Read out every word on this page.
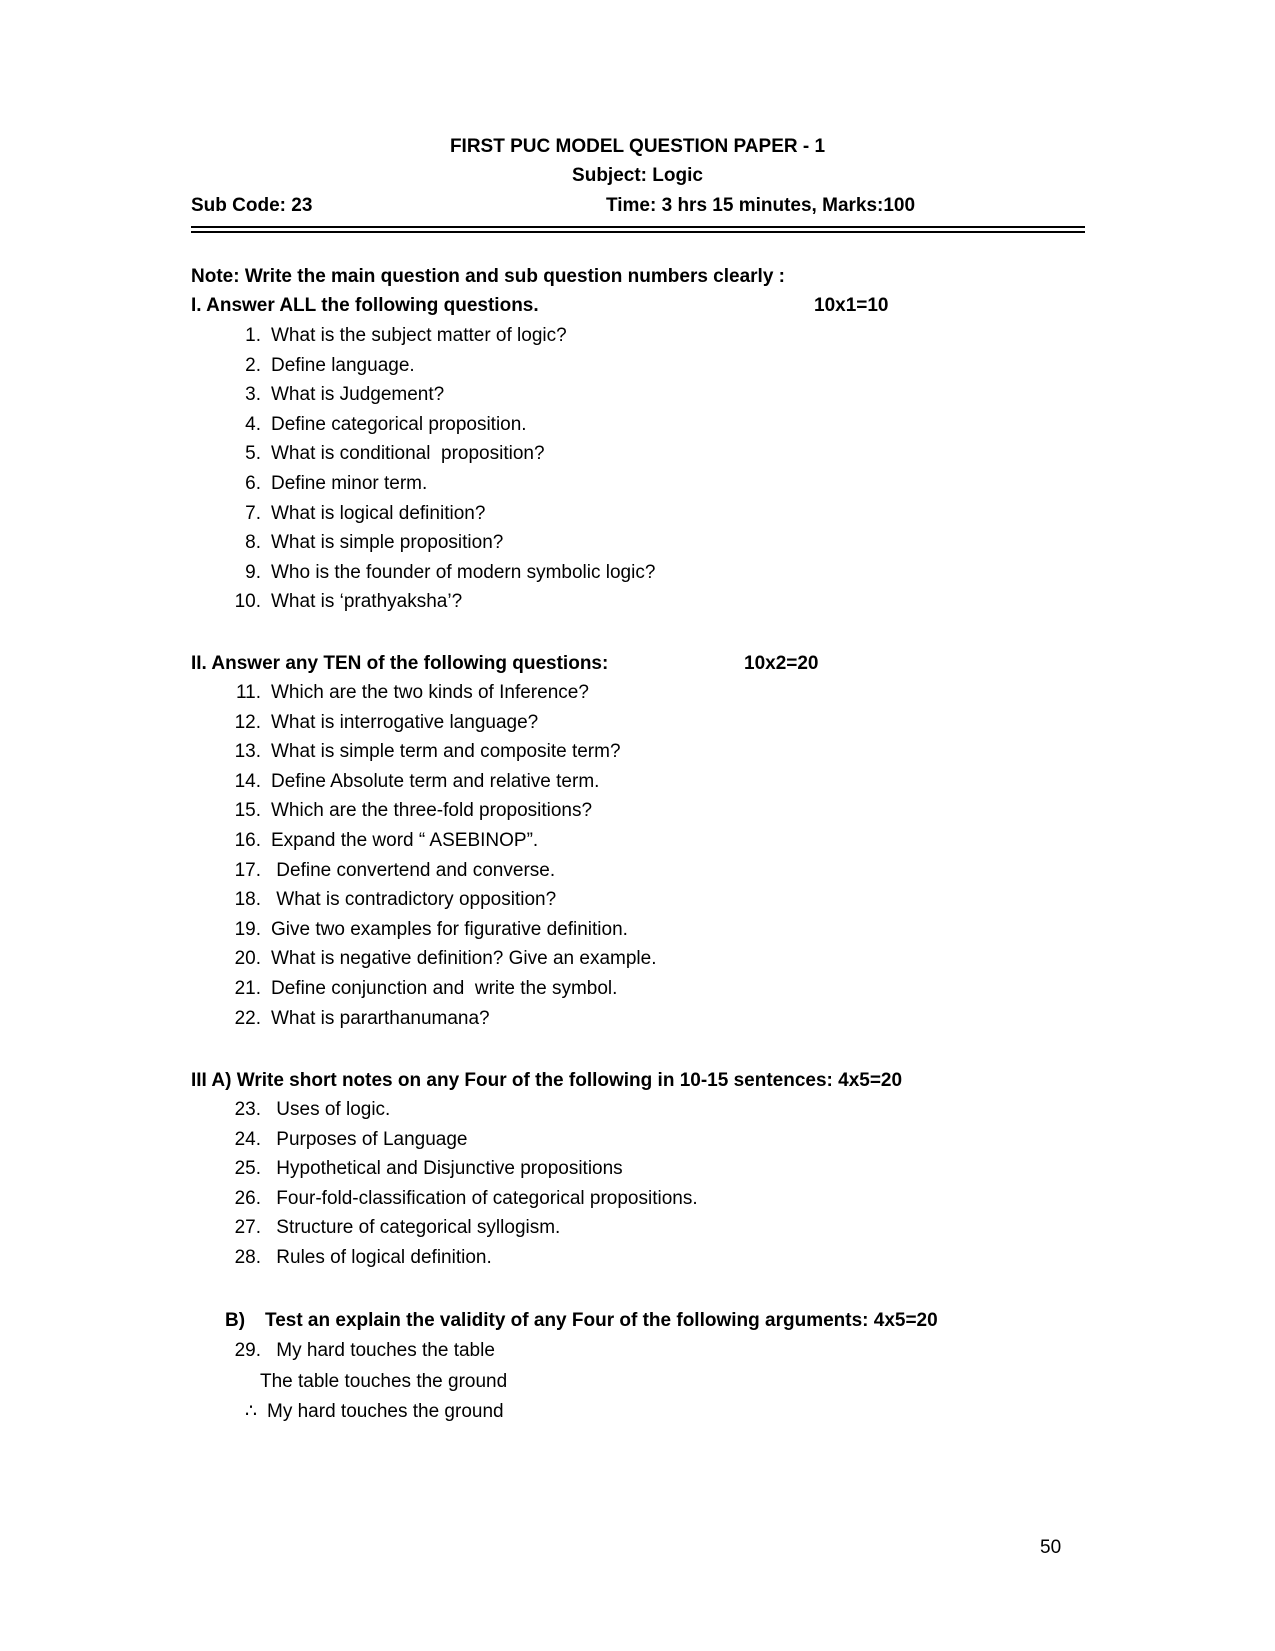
FIRST PUC MODEL QUESTION PAPER - 1
Subject: Logic
Sub Code: 23	Time: 3 hrs 15 minutes, Marks:100
Note: Write the main question and sub question numbers clearly :
I. Answer ALL the following questions.	10x1=10
1. What is the subject matter of logic?
2. Define language.
3. What is Judgement?
4. Define categorical proposition.
5. What is conditional  proposition?
6. Define minor term.
7. What is logical definition?
8. What is simple proposition?
9. Who is the founder of modern symbolic logic?
10. What is ‘prathyaksha’?
II. Answer any TEN of the following questions:	10x2=20
11. Which are the two kinds of Inference?
12. What is interrogative language?
13. What is simple term and composite term?
14. Define Absolute term and relative term.
15. Which are the three-fold propositions?
16. Expand the word “ ASEBINOP”.
17. Define convertend and converse.
18. What is contradictory opposition?
19. Give two examples for figurative definition.
20. What is negative definition? Give an example.
21. Define conjunction and  write the symbol.
22. What is pararthanumana?
III A) Write short notes on any Four of the following in 10-15 sentences: 4x5=20
23. Uses of logic.
24. Purposes of Language
25. Hypothetical and Disjunctive propositions
26. Four-fold-classification of categorical propositions.
27. Structure of categorical syllogism.
28. Rules of logical definition.
B) Test an explain the validity of any Four of the following arguments: 4x5=20
29. My hard touches the table
The table touches the ground
∴ My hard touches the ground
50
